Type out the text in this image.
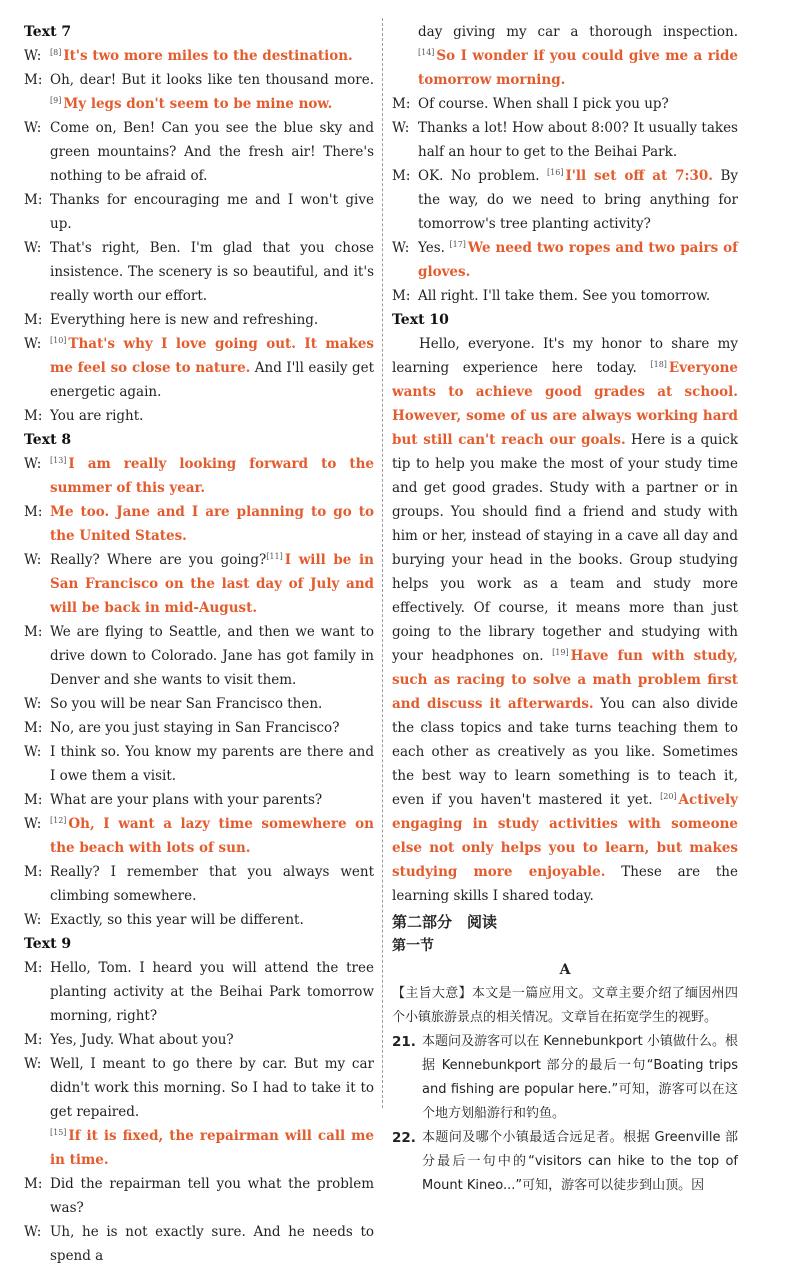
Text 7
W:	[8] It's two more miles to the destination.
M: Oh, dear! But it looks like ten thousand more. [9] My legs don't seem to be mine now.
W: Come on, Ben! Can you see the blue sky and green mountains? And the fresh air! There's nothing to be afraid of.
M: Thanks for encouraging me and I won't give up.
W: That's right, Ben. I'm glad that you chose insistence. The scenery is so beautiful, and it's really worth our effort.
M: Everything here is new and refreshing.
W:	[10] That's why I love going out. It makes me feel so close to nature. And I'll easily get energetic again.
M: You are right.
Text 8
W:	[13] I am really looking forward to the summer of this year.
M: Me too. Jane and I are planning to go to the United States.
W: Really? Where are you going?[11] I will be in San Francisco on the last day of July and will be back in mid-August.
M: We are flying to Seattle, and then we want to drive down to Colorado. Jane has got family in Denver and she wants to visit them.
W: So you will be near San Francisco then.
M: No, are you just staying in San Francisco?
W: I think so. You know my parents are there and I owe them a visit.
M: What are your plans with your parents?
W:	[12] Oh, I want a lazy time somewhere on the beach with lots of sun.
M: Really? I remember that you always went climbing somewhere.
W: Exactly, so this year will be different.
Text 9
M: Hello, Tom. I heard you will attend the tree planting activity at the Beihai Park tomorrow morning, right?
M: Yes, Judy. What about you?
W: Well, I meant to go there by car. But my car didn't work this morning. So I had to take it to get repaired.
[15] If it is fixed, the repairman will call me in time.
M: Did the repairman tell you what the problem was?
W: Uh, he is not exactly sure. And he needs to spend a
day giving my car a thorough inspection. [14] So I wonder if you could give me a ride tomorrow morning.
M: Of course. When shall I pick you up?
W: Thanks a lot! How about 8:00? It usually takes half an hour to get to the Beihai Park.
M: OK. No problem. [16] I'll set off at 7:30. By the way, do we need to bring anything for tomorrow's tree planting activity?
W: Yes. [17] We need two ropes and two pairs of gloves.
M: All right. I'll take them. See you tomorrow.
Text 10
Hello, everyone. It's my honor to share my learning experience here today. [18] Everyone wants to achieve good grades at school. However, some of us are always working hard but still can't reach our goals. Here is a quick tip to help you make the most of your study time and get good grades. Study with a partner or in groups. You should find a friend and study with him or her, instead of staying in a cave all day and burying your head in the books. Group studying helps you work as a team and study more effectively. Of course, it means more than just going to the library together and studying with your headphones on. [19] Have fun with study, such as racing to solve a math problem first and discuss it afterwards. You can also divide the class topics and take turns teaching them to each other as creatively as you like. Sometimes the best way to learn something is to teach it, even if you haven't mastered it yet. [20] Actively engaging in study activities with someone else not only helps you to learn, but makes studying more enjoyable. These are the learning skills I shared today.
第二部分　阅读
第一节
A
【主旨大意】本文是一篇应用文。文章主要介绍了缅因州四个小镇旅游景点的相关情况。文章旨在拓宽学生的视野。
21. 本题问及游客可以在 Kennebunkport 小镇做什么。根据 Kennebunkport 部分的最后一句“Boating trips and fishing are popular here.”可知，游客可以在这个地方划船游行和钓鱼。
22. 本题问及哪个小镇最适合远足者。根据 Greenville 部分最后一句中的“visitors can hike to the top of Mount Kineo...”可知，游客可以徒步到山顶。因
